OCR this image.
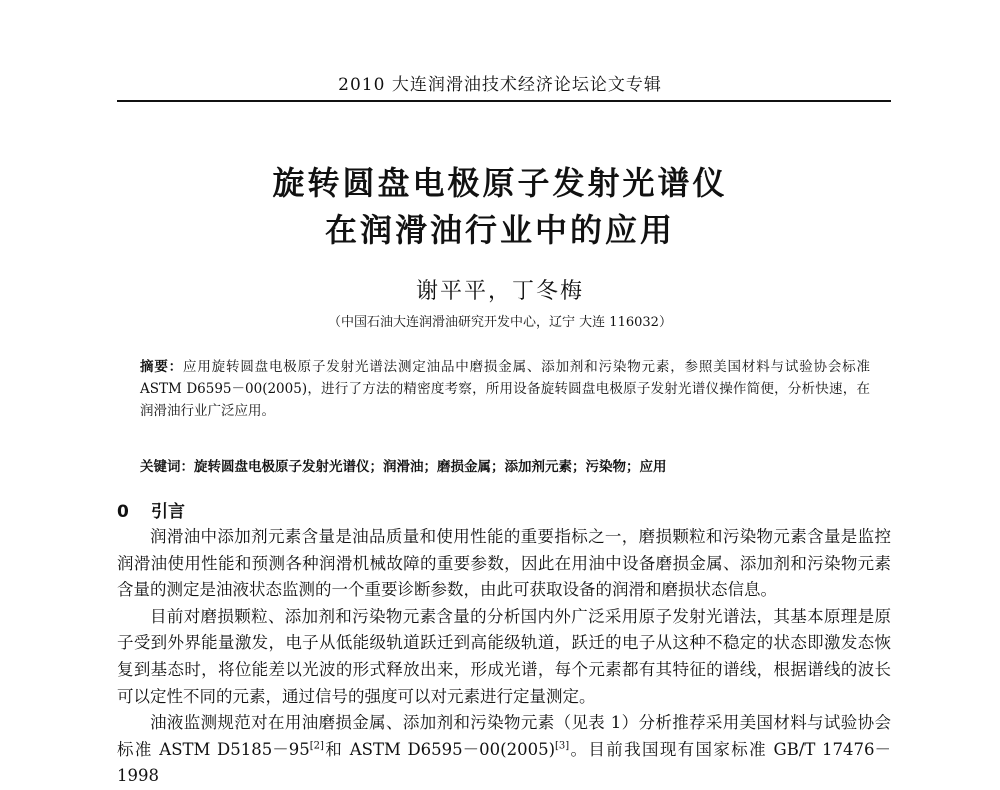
2010 大连润滑油技术经济论坛论文专辑
旋转圆盘电极原子发射光谱仪
在润滑油行业中的应用
谢平平，丁冬梅
（中国石油大连润滑油研究开发中心，辽宁 大连 116032）
摘要：应用旋转圆盘电极原子发射光谱法测定油品中磨损金属、添加剂和污染物元素，参照美国材料与试验协会标准 ASTM D6595－00(2005)，进行了方法的精密度考察，所用设备旋转圆盘电极原子发射光谱仪操作简便，分析快速，在润滑油行业广泛应用。
关键词：旋转圆盘电极原子发射光谱仪；润滑油；磨损金属；添加剂元素；污染物；应用
0 引言

润滑油中添加剂元素含量是油品质量和使用性能的重要指标之一，磨损颗粒和污染物元素含量是监控润滑油使用性能和预测各种润滑机械故障的重要参数，因此在用油中设备磨损金属、添加剂和污染物元素含量的测定是油液状态监测的一个重要诊断参数，由此可获取设备的润滑和磨损状态信息。

目前对磨损颗粒、添加剂和污染物元素含量的分析国内外广泛采用原子发射光谱法，其基本原理是原子受到外界能量激发，电子从低能级轨道跃迁到高能级轨道，跃迁的电子从这种不稳定的状态即激发态恢复到基态时，将位能差以光波的形式释放出来，形成光谱，每个元素都有其特征的谱线，根据谱线的波长可以定性不同的元素，通过信号的强度可以对元素进行定量测定。

油液监测规范对在用油磨损金属、添加剂和污染物元素（见表 1）分析推荐采用美国材料与试验协会标准 ASTM D5185－95[2]和 ASTM D6595－00(2005)[3]。目前我国现有国家标准 GB/T 17476－1998
